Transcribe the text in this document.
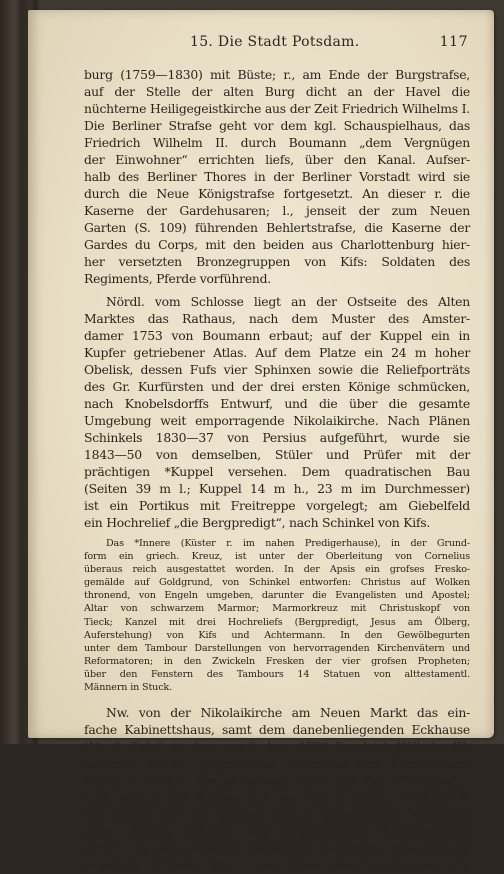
15. Die Stadt Potsdam.	117
burg (1759—1830) mit Büste; r., am Ende der Burgstrafse,
auf der Stelle der alten Burg dicht an der Havel die
nüchterne Heiligegeistkirche aus der Zeit Friedrich Wilhelms I.
Die Berliner Strafse geht vor dem kgl. Schauspielhaus, das
Friedrich Wilhelm II. durch Boumann „dem Vergnügen
der Einwohner“ errichten liefs, über den Kanal. Aufser-
halb des Berliner Thores in der Berliner Vorstadt wird sie
durch die Neue Königstrafse fortgesetzt. An dieser r. die
Kaserne der Gardehusaren; l., jenseit der zum Neuen
Garten (S. 109) führenden Behlertstrafse, die Kaserne der
Gardes du Corps, mit den beiden aus Charlottenburg hier-
her versetzten Bronzegruppen von Kifs: Soldaten des
Regiments, Pferde vorführend.
Nördl. vom Schlosse liegt an der Ostseite des Alten
Marktes das Rathaus, nach dem Muster des Amster-
damer 1753 von Boumann erbaut; auf der Kuppel ein in
Kupfer getriebener Atlas. Auf dem Platze ein 24 m hoher
Obelisk, dessen Fufs vier Sphinxen sowie die Reliefporträts
des Gr. Kurfürsten und der drei ersten Könige schmücken,
nach Knobelsdorffs Entwurf, und die über die gesamte
Umgebung weit emporragende Nikolaikirche. Nach Plänen
Schinkels 1830—37 von Persius aufgeführt, wurde sie
1843—50 von demselben, Stüler und Prüfer mit der
prächtigen *Kuppel versehen. Dem quadratischen Bau
(Seiten 39 m l.; Kuppel 14 m h., 23 m im Durchmesser)
ist ein Portikus mit Freitreppe vorgelegt; am Giebelfeld
ein Hochrelief „die Bergpredigt“, nach Schinkel von Kifs.
Das *Innere (Küster r. im nahen Predigerhause), in der Grund-
form ein griech. Kreuz, ist unter der Oberleitung von Cornelius
überaus reich ausgestattet worden. In der Apsis ein grofses Fresko-
gemälde auf Goldgrund, von Schinkel entworfen: Christus auf Wolken
thronend, von Engeln umgeben, darunter die Evangelisten und Apostel;
Altar von schwarzem Marmor; Marmorkreuz mit Christuskopf von
Tieck; Kanzel mit drei Hochreliefs (Bergpredigt, Jesus am Ölberg,
Auferstehung) von Kifs und Achtermann. In den Gewölbegurten
unter dem Tambour Darstellungen von hervorragenden Kirchenvätern und
Reformatoren; in den Zwickeln Fresken der vier grofsen Propheten;
über den Fenstern des Tambours 14 Statuen von alttestamentl.
Männern in Stuck.
Nw. von der Nikolaikirche am Neuen Markt das ein-
fache Kabinettshaus, samt dem danebenliegenden Eckhause
(Nr. 8; Tafel), in dem am 3. Aug. 1770 Friedrich Wilhelm III.
geboren wurde, gegenwärtig Wohnung des Kronprinzen.
Nördl. von der Kirche gelangt man mit der Pferdebahn-
linie jenseit des Kanals auf den von Friedrich Wilhelm I.
aus einem See mit grofsen Kosten geschaffenen Wilhelms-
platz, dessen Gebäude auf eingerammten Baumstämmen
ruhen. In den Anlagen desselben errichtete dem Könige
Friedrich Wilhelm III., „dem Vater des Vaterlandes, die
